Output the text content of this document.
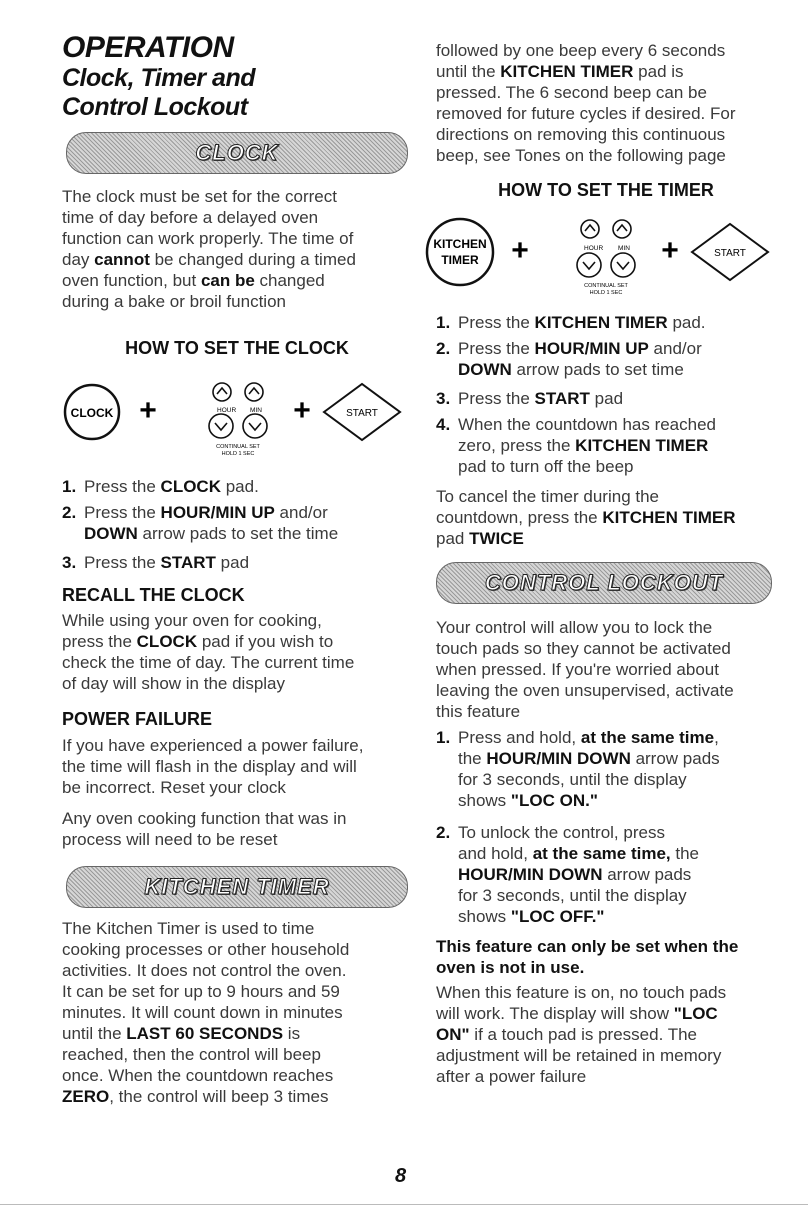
OPERATION
Clock, Timer and
Control Lockout
CLOCK

The clock must be set for the correct
time of day before a delayed oven
function can work properly. The time of
day cannot be changed during a timed
oven function, but can be changed
during a bake or broil function

HOW TO SET THE CLOCK
CLOCK +	HOUR MIN
CONTINUAL SET
HOLD 1 SEC
+	START
1. Press the CLOCK pad.
2. Press the HOUR/MIN UP and/or
DOWN arrow pads to set the time
3. Press the START pad
RECALL THE CLOCK

While using your oven for cooking,
press the CLOCK pad if you wish to
check the time of day. The current time
of day will show in the display

POWER FAILURE

If you have experienced a power failure,
the time will flash in the display and will
be incorrect. Reset your clock

Any oven cooking function that was in
process will need to be reset

KITCHEN TIMER

The Kitchen Timer is used to time
cooking processes or other household
activities. It does not control the oven.
It can be set for up to 9 hours and 59
minutes. It will count down in minutes
until the LAST 60 SECONDS is
reached, then the control will beep
once. When the countdown reaches
ZERO, the control will beep 3 times

followed by one beep every 6 seconds
until the KITCHEN TIMER pad is
pressed. The 6 second beep can be
removed for future cycles if desired. For
directions on removing this continuous
beep, see Tones on the following page

HOW TO SET THE TIMER
KITCHEN
TIMER +	HOUR MIN
CONTINUAL SET
HOLD 1 SEC
+	START
1. Press the KITCHEN TIMER pad.
2. Press the HOUR/MIN UP and/or
DOWN arrow pads to set time
3. Press the START pad
4. When the countdown has reached
zero, press the KITCHEN TIMER
pad to turn off the beep

To cancel the timer during the
countdown, press the KITCHEN TIMER
pad TWICE

CONTROL LOCKOUT

Your control will allow you to lock the
touch pads so they cannot be activated
when pressed. If you're worried about
leaving the oven unsupervised, activate
this feature

1. Press and hold, at the same time,
the HOUR/MIN DOWN arrow pads
for 3 seconds, until the display
shows "LOC ON."
2. To unlock the control, press
and hold, at the same time, the
HOUR/MIN DOWN arrow pads
for 3 seconds, until the display
shows "LOC OFF."

This feature can only be set when the
oven is not in use.

When this feature is on, no touch pads
will work. The display will show "LOC
ON" if a touch pad is pressed. The
adjustment will be retained in memory
after a power failure

8
